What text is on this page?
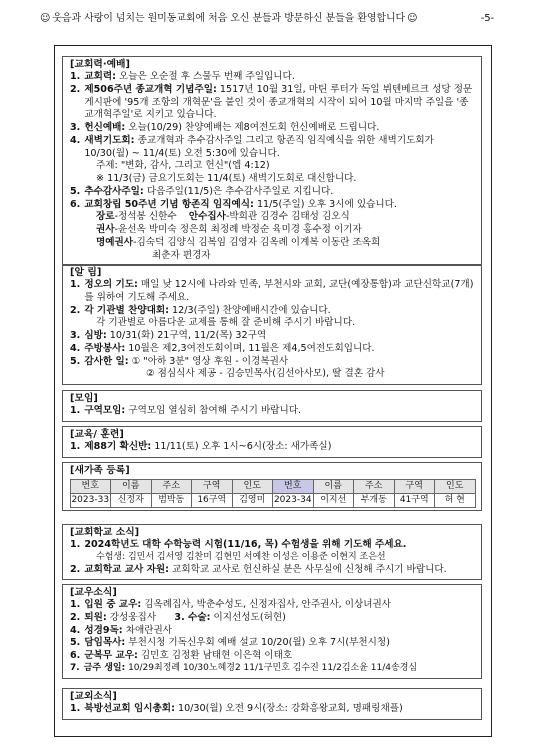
☺ 웃음과 사랑이 넘치는 원미동교회에 처음 오신 분들과 방문하신 분들을 환영합니다 ☺	-5-
[교회력·예배]
1. 교회력: 오늘은 오순절 후 스물두 번째 주일입니다.
2. 제506주년 종교개혁 기념주일: 1517년 10월 31일, 마틴 루터가 독일 뷔텐베르크 성당 정문 게시판에 '95개 조항의 개혁문'을 붙인 것이 종교개혁의 시작이 되어 10월 마지막 주일을 '종교개혁주일'로 지키고 있습니다.
3. 헌신예배: 오늘(10/29) 찬양예배는 제8여전도회 헌신예배로 드립니다.
4. 새벽기도회: 종교개혁과 추수감사주일 그리고 항존직 임직예식을 위한 새벽기도회가 10/30(월) ~ 11/4(토) 오전 5:30에 있습니다.
주제: "변화, 감사, 그리고 헌신"(엡 4:12)
※ 11/3(금) 금요기도회는 11/4(토) 새벽기도회로 대신합니다.
5. 추수감사주일: 다음주일(11/5)은 추수감사주일로 지킵니다.
6. 교회창립 50주년 기념 항존직 임직예식: 11/5(주일) 오후 3시에 있습니다.
장로-정석봉 신한수 안수집사-박희관 김경수 김태성 김오식
권사-윤선옥 박미숙 정은희 최정례 박정순 육미경 홍수정 이기자
명예권사-김숙덕 김양식 김복임 김영자 김옥례 이계복 이동란 조옥희
최춘자 편경자
[알 림]
1. 정오의 기도: 매일 낮 12시에 나라와 민족, 부천시와 교회, 교단(예장통합)과 교단신학교(7개)를 위하여 기도해 주세요.
2. 각 기관별 찬양대회: 12/3(주일) 찬양예배시간에 있습니다.
각 기관별로 아름다운 교제를 통해 잘 준비해 주시기 바랍니다.
3. 심방: 10/31(화) 21구역, 11/2(목) 32구역
4. 주방봉사: 10월은 제2,3여전도회이며, 11월은 제4,5여전도회입니다.
5. 감사한 일: ① "아하 3분" 영상 후원 - 이경복권사
② 점심식사 제공 - 김승민목사(김선아사모), 딸 결혼 감사
[모임]
1. 구역모임: 구역모임 열심히 참여해 주시기 바랍니다.
[교육/ 훈련]
1. 제88기 확신반: 11/11(토) 오후 1시~6시(장소: 새가족실)
[새가족 등록]
번호	이름	주소	구역	인도	번호	이름	주소	구역	인도
2023-33 신정자	범박동	16구역	김영미 2023-34 이지선	부개동	41구역	허 현
[교회학교 소식]
1. 2024학년도 대학 수학능력 시험(11/16, 목) 수험생을 위해 기도해 주세요.
수험생: 김민서 김서영 김찬미 김현민 서예찬 이성은 이용준 이현지 조은선
2. 교회학교 교사 자원: 교회학교 교사로 헌신하실 분은 사무실에 신청해 주시기 바랍니다.
[교우소식]
1. 입원 중 교우: 김옥례집사, 박춘수성도, 신정자집사, 안주권사, 이상녀권사
2. 퇴원: 강성웅집사      3. 수술: 이지선성도(허현)
4. 성경9독: 차애란권사
5. 담임목사: 부천시청 기독신우회 예배 설교 10/20(월) 오후 7시(부천시청)
6. 군복무 교우: 김민호 김정환 남태현 이은혁 이태호
7. 금주 생일: 10/29최정례 10/30노혜경2 11/1구민호 김수진 11/2김소윤 11/4송경심
[교외소식]
1. 북방선교회 임시총회: 10/30(월) 오전 9시(장소: 강화흥왕교회, 명패링채플)
